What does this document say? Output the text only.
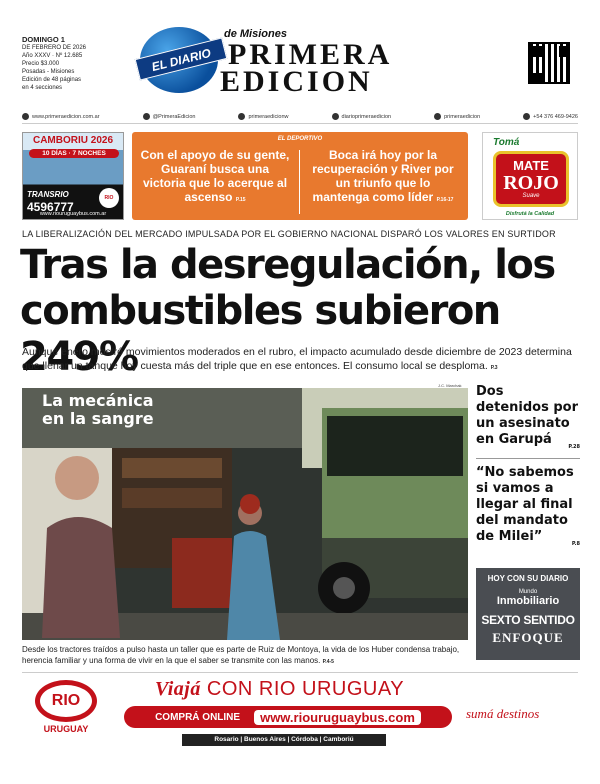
DOMINGO 1
DE FEBRERO DE 2026
Año XXXV · Nº 12.685
Precio $3.000
Posadas - Misiones
Edición de 48 páginas
en 4 secciones
EL DIARIO
de Misiones
PRIMERA
EDICION
www.primeraedicion.com.ar	@PrimeraEdicion	primeraedicionw	diarioprimeraedicion	primeraedicion	+54 376 469-9426
CAMBORIU 2026
10 DÍAS · 7 NOCHES
TRANSRIO	RIO
4596777
www.riouruguaybus.com.ar
EL DEPORTIVO
Con el apoyo de su gente, Guaraní busca una victoria que lo acerque al ascenso P.15
Boca irá hoy por la recuperación y River por un triunfo que lo mantenga como líder P.16-17
Tomá
MATE
ROJO
Suave
Disfrutá la Calidad
LA LIBERALIZACIÓN DEL MERCADO IMPULSADA POR EL GOBIERNO NACIONAL DISPARÓ LOS VALORES EN SURTIDOR
Tras la desregulación, los combustibles subieron 249%
Aunque enero mostró movimientos moderados en el rubro, el impacto acumulado desde diciembre de 2023 determina que llenar un tanque hoy cuesta más del triple que en ese entonces. El consumo local se desploma. P.3
J.C. Marchak
La mecánica en la sangre
Desde los tractores traídos a pulso hasta un taller que es parte de Ruiz de Montoya, la vida de los Huber condensa trabajo, herencia familiar y una forma de vivir en la que el saber se transmite con las manos. P.4-5
Dos detenidos por un asesinato en Garupá	P.28
“No sabemos si vamos a llegar al final del mandato de Milei”	P.8
HOY CON SU DIARIO
Mundo
Inmobiliario
SEXTO SENTIDO
ENFOQUE
RIO
URUGUAY
Viajá CON RIO URUGUAY
COMPRÁ ONLINE	www.riouruguaybus.com
Rosario | Buenos Aires | Córdoba | Camboriú
sumá destinos
